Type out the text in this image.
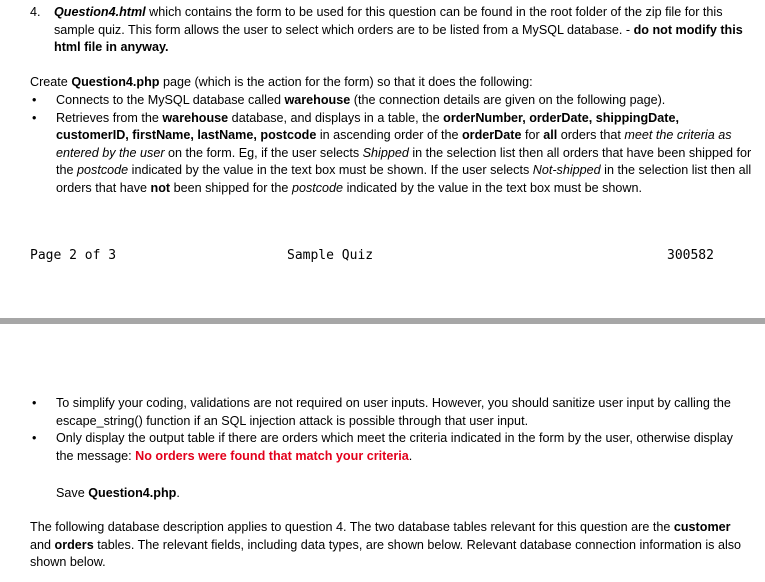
4. Question4.html which contains the form to be used for this question can be found in the root folder of the zip file for this sample quiz. This form allows the user to select which orders are to be listed from a MySQL database. - do not modify this html file in anyway.
Create Question4.php page (which is the action for the form) so that it does the following:
• Connects to the MySQL database called warehouse (the connection details are given on the following page).
• Retrieves from the warehouse database, and displays in a table, the orderNumber, orderDate, shippingDate, customerID, firstName, lastName, postcode in ascending order of the orderDate for all orders that meet the criteria as entered by the user on the form. Eg, if the user selects Shipped in the selection list then all orders that have been shipped for the postcode indicated by the value in the text box must be shown. If the user selects Not-shipped in the selection list then all orders that have not been shipped for the postcode indicated by the value in the text box must be shown.
Page 2 of 3	Sample Quiz	300582
• To simplify your coding, validations are not required on user inputs. However, you should sanitize user input by calling the escape_string() function if an SQL injection attack is possible through that user input.
• Only display the output table if there are orders which meet the criteria indicated in the form by the user, otherwise display the message: No orders were found that match your criteria.
Save Question4.php.
The following database description applies to question 4. The two database tables relevant for this question are the customer and orders tables. The relevant fields, including data types, are shown below. Relevant database connection information is also shown below.
